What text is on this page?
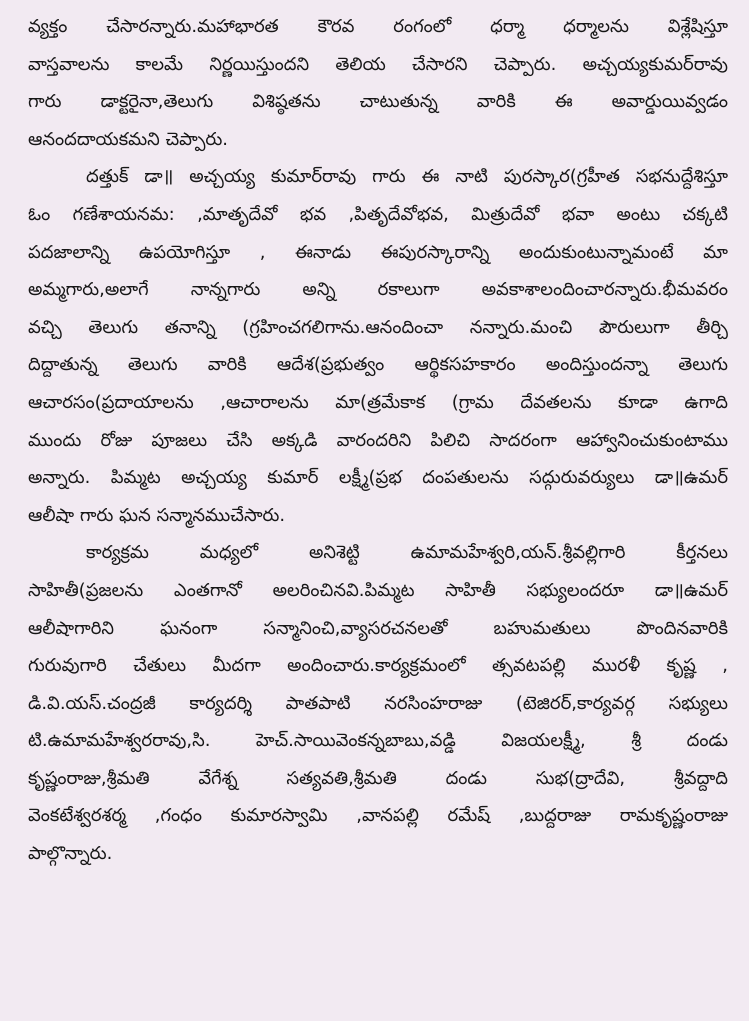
వ్యక్తం చేసారన్నారు.మహాభారత కౌరవ రంగంలో ధర్మా ధర్మాలను విశ్లేషిస్తూ
వాస్తవాలను కాలమే నిర్ణయిస్తుందని తెలియ చేసారని చెప్పారు. అచ్చయ్యకుమర్‌రావు
గారు డాక్టరైనా,తెలుగు విశిష్ఠతను చాటుతున్న వారికి ఈ అవార్డుయివ్వడం
ఆనందదాయకమని చెప్పారు.
దత్తుక్ డా॥ అచ్చయ్య కుమార్‌రావు గారు ఈ నాటి పురస్కార(గ్రహీత సభనుద్దేశిస్తూ
ఓం గణేశాయనమ: ,మాతృదేవో భవ ,పితృదేవోభవ, మిత్రుదేవో భవా అంటు చక్కటి
పదజాలాన్ని ఉపయోగిస్తూ , ఈనాడు ఈపురస్కారాన్ని అందుకుంటున్నామంటే మా
అమ్మగారు,అలాగే నాన్నగారు అన్ని రకాలుగా అవకాశాలందించారన్నారు.భీమవరం
వచ్చి తెలుగు తనాన్ని (గ్రహించగలిగాను.ఆనందించా నన్నారు.మంచి పౌరులుగా తీర్చి
దిద్దాతున్న తెలుగు వారికి ఆదేశ(ప్రభుత్వం ఆర్థికసహకారం అందిస్తుందన్నా తెలుగు
ఆచారసం(ప్రదాయాలను ,ఆచారాలను మా(త్రమేకాక (గ్రామ దేవతలను కూడా ఉగాది
ముందు రోజు పూజలు చేసి అక్కడి వారందరిని పిలిచి సాదరంగా ఆహ్వానించుకుంటాము
అన్నారు. పిమ్మట అచ్చయ్య కుమార్ లక్ష్మీ(ప్రభ దంపతులను సద్గురువర్యులు డా॥ఉమర్
ఆలీషా గారు ఘన సన్మానముచేసారు.
కార్యక్రమ మధ్యలో అనిశెట్టి ఉమామహేశ్వరి,యన్.శ్రీవల్లిగారి కీర్తనలు
సాహితీ(ప్రజలను ఎంతగానో అలరించినవి.పిమ్మట సాహితీ సభ్యులందరూ డా॥ఉమర్
ఆలీషాగారిని ఘనంగా సన్మానించి,వ్యాసరచనలతో బహుమతులు పొందినవారికి
గురువుగారి చేతులు మీదగా అందించారు.కార్యక్రమంలో త్సవటపల్లి మురళీ కృష్ణ ,
డి.వి.యస్.చంద్రజీ కార్యదర్శి పాతపాటి నరసింహరాజు (టెజిరర్,కార్యవర్గ సభ్యులు
టి.ఉమామహేశ్వరరావు,సి. హెచ్.సాయివెంకన్నబాబు,వడ్డి విజయలక్ష్మీ, శ్రీ దండు
కృష్ణంరాజు,శ్రీమతి వేగేశ్న సత్యవతి,శ్రీమతి దండు సుభ(ద్రాదేవి, శ్రీవద్దాది
వెంకటేశ్వరశర్మ ,గంధం కుమారస్వామి ,వానపల్లి రమేష్ ,బుద్దరాజు రామకృష్ణంరాజు
పాల్గొన్నారు.
